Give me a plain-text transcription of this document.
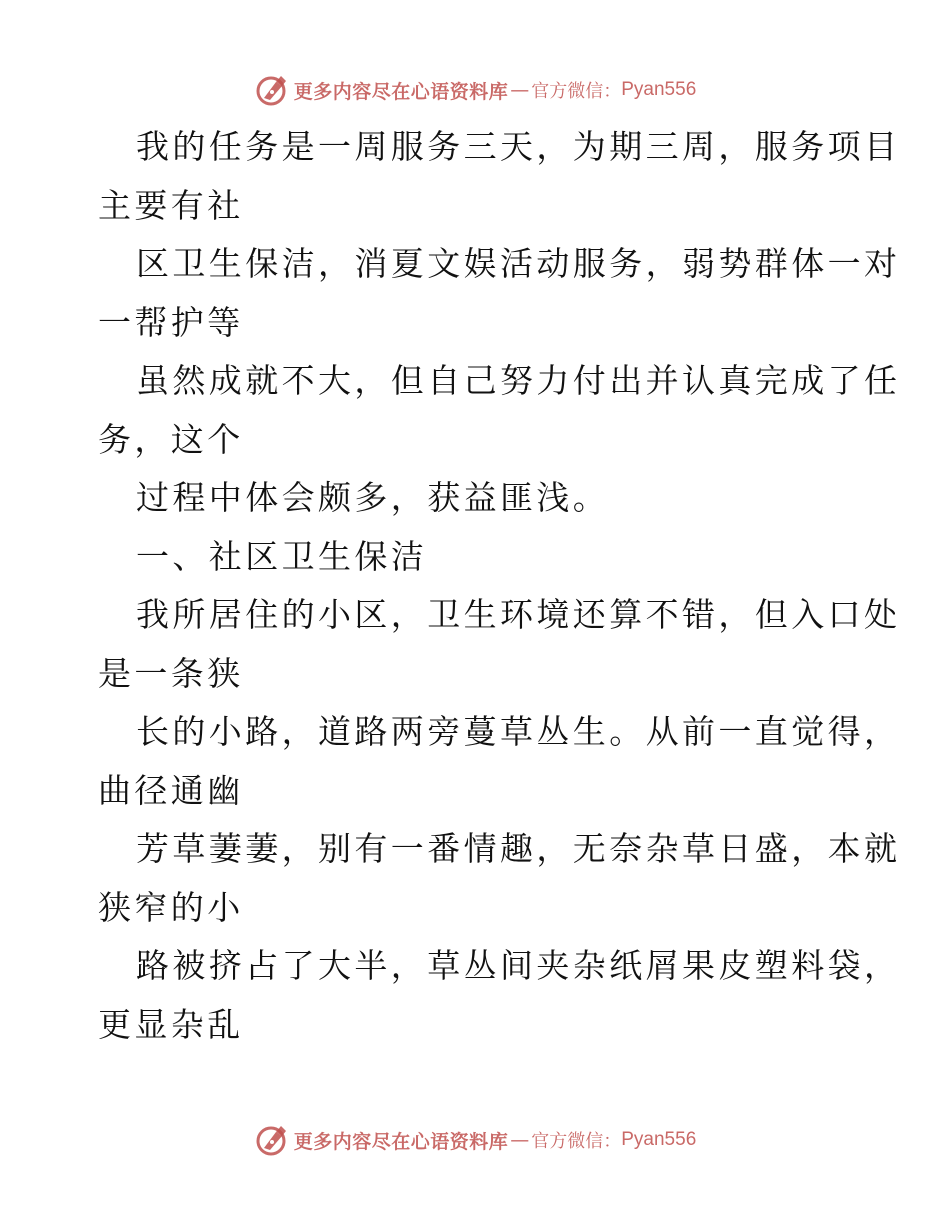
更多内容尽在心语资料库 — 官方微信： Pyan556
我的任务是一周服务三天，为期三周，服务项目
主要有社
区卫生保洁，消夏文娱活动服务，弱势群体一对
一帮护等
虽然成就不大，但自己努力付出并认真完成了任
务，这个
过程中体会颇多，获益匪浅。
一、社区卫生保洁
我所居住的小区，卫生环境还算不错，但入口处
是一条狭
长的小路，道路两旁蔓草丛生。从前一直觉得，
曲径通幽
芳草萋萋，别有一番情趣，无奈杂草日盛，本就
狭窄的小
路被挤占了大半，草丛间夹杂纸屑果皮塑料袋，
更显杂乱
更多内容尽在心语资料库 — 官方微信： Pyan556
